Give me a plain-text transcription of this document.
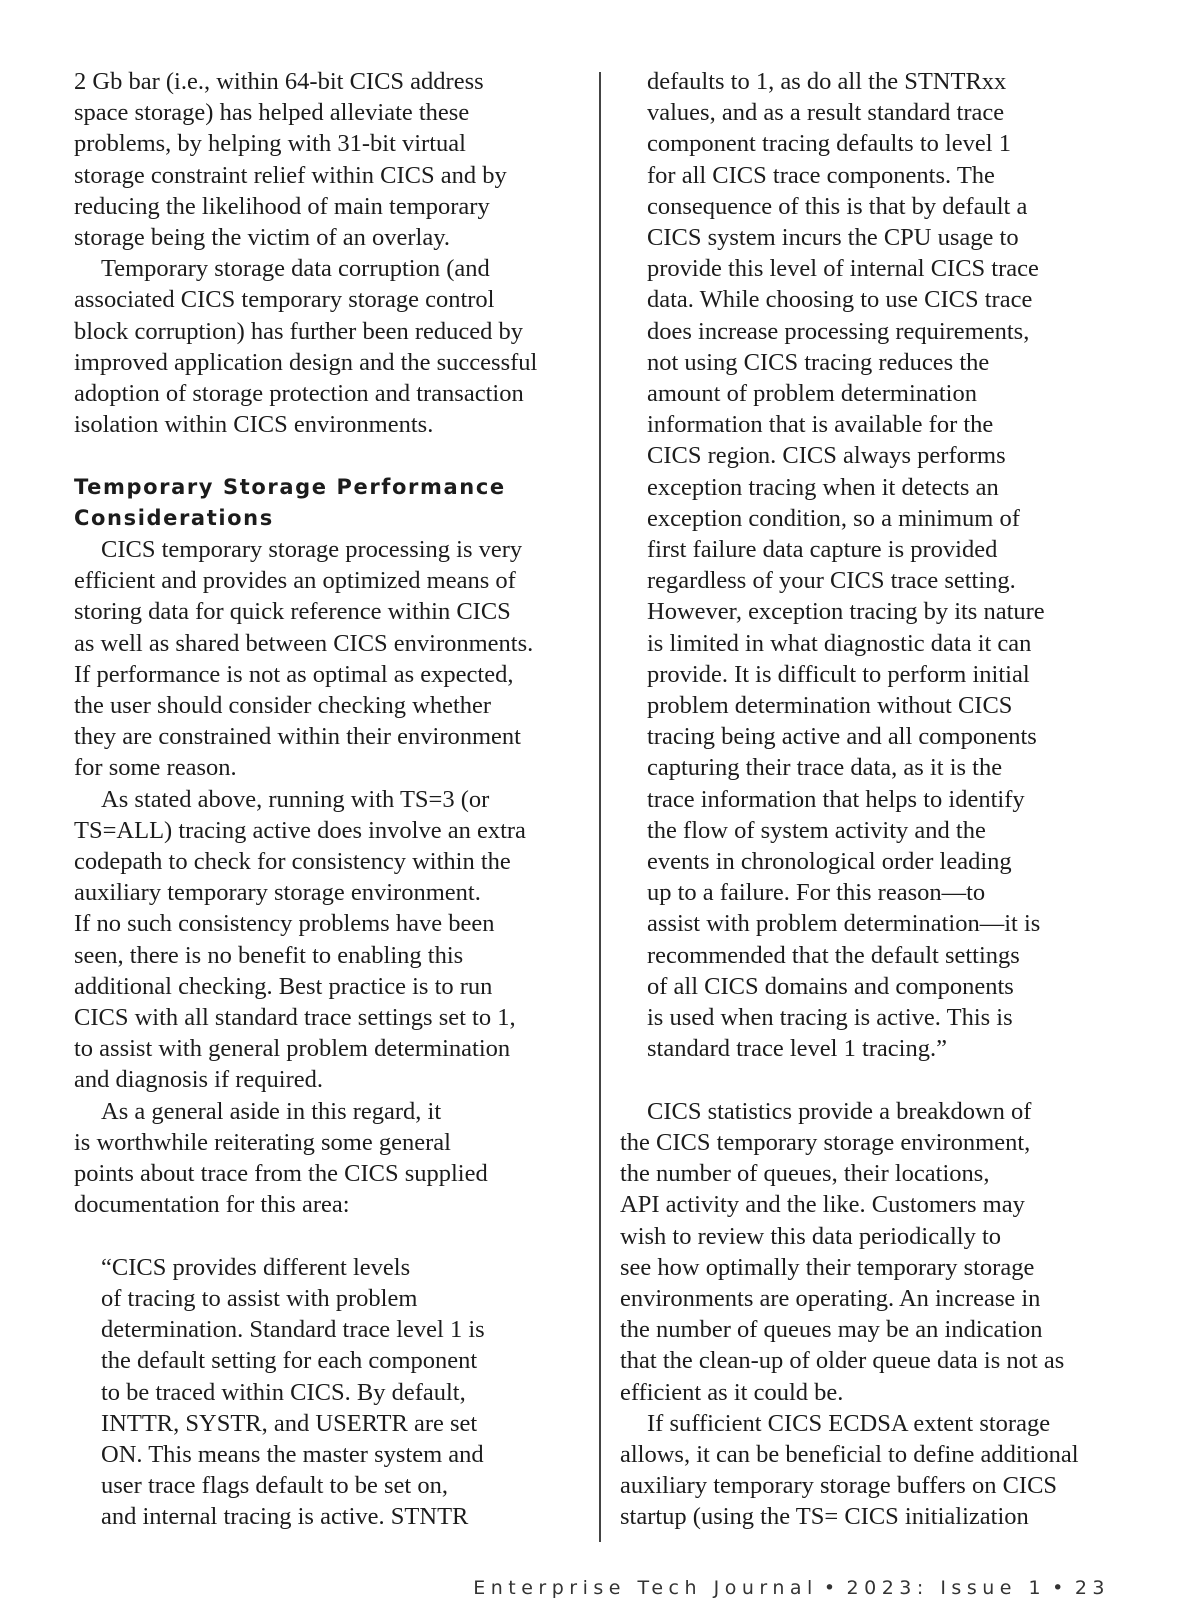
2 Gb bar (i.e., within 64-bit CICS address
space storage) has helped alleviate these
problems, by helping with 31-bit virtual
storage constraint relief within CICS and by
reducing the likelihood of main temporary
storage being the victim of an overlay.
Temporary storage data corruption (and
associated CICS temporary storage control
block corruption) has further been reduced by
improved application design and the successful
adoption of storage protection and transaction
isolation within CICS environments.
Temporary Storage Performance
Considerations
CICS temporary storage processing is very
efficient and provides an optimized means of
storing data for quick reference within CICS
as well as shared between CICS environments.
If performance is not as optimal as expected,
the user should consider checking whether
they are constrained within their environment
for some reason.
As stated above, running with TS=3 (or
TS=ALL) tracing active does involve an extra
codepath to check for consistency within the
auxiliary temporary storage environment.
If no such consistency problems have been
seen, there is no benefit to enabling this
additional checking. Best practice is to run
CICS with all standard trace settings set to 1,
to assist with general problem determination
and diagnosis if required.
As a general aside in this regard, it
is worthwhile reiterating some general
points about trace from the CICS supplied
documentation for this area:
“CICS provides different levels
of tracing to assist with problem
determination. Standard trace level 1 is
the default setting for each component
to be traced within CICS. By default,
INTTR, SYSTR, and USERTR are set
ON. This means the master system and
user trace flags default to be set on,
and internal tracing is active. STNTR
defaults to 1, as do all the STNTRxx
values, and as a result standard trace
component tracing defaults to level 1
for all CICS trace components. The
consequence of this is that by default a
CICS system incurs the CPU usage to
provide this level of internal CICS trace
data. While choosing to use CICS trace
does increase processing requirements,
not using CICS tracing reduces the
amount of problem determination
information that is available for the
CICS region. CICS always performs
exception tracing when it detects an
exception condition, so a minimum of
first failure data capture is provided
regardless of your CICS trace setting.
However, exception tracing by its nature
is limited in what diagnostic data it can
provide. It is difficult to perform initial
problem determination without CICS
tracing being active and all components
capturing their trace data, as it is the
trace information that helps to identify
the flow of system activity and the
events in chronological order leading
up to a failure. For this reason—to
assist with problem determination—it is
recommended that the default settings
of all CICS domains and components
is used when tracing is active. This is
standard trace level 1 tracing.”
CICS statistics provide a breakdown of
the CICS temporary storage environment,
the number of queues, their locations,
API activity and the like. Customers may
wish to review this data periodically to
see how optimally their temporary storage
environments are operating. An increase in
the number of queues may be an indication
that the clean-up of older queue data is not as
efficient as it could be.
If sufficient CICS ECDSA extent storage
allows, it can be beneficial to define additional
auxiliary temporary storage buffers on CICS
startup (using the TS= CICS initialization
Enterprise Tech Journal • 2023: Issue 1 • 23
